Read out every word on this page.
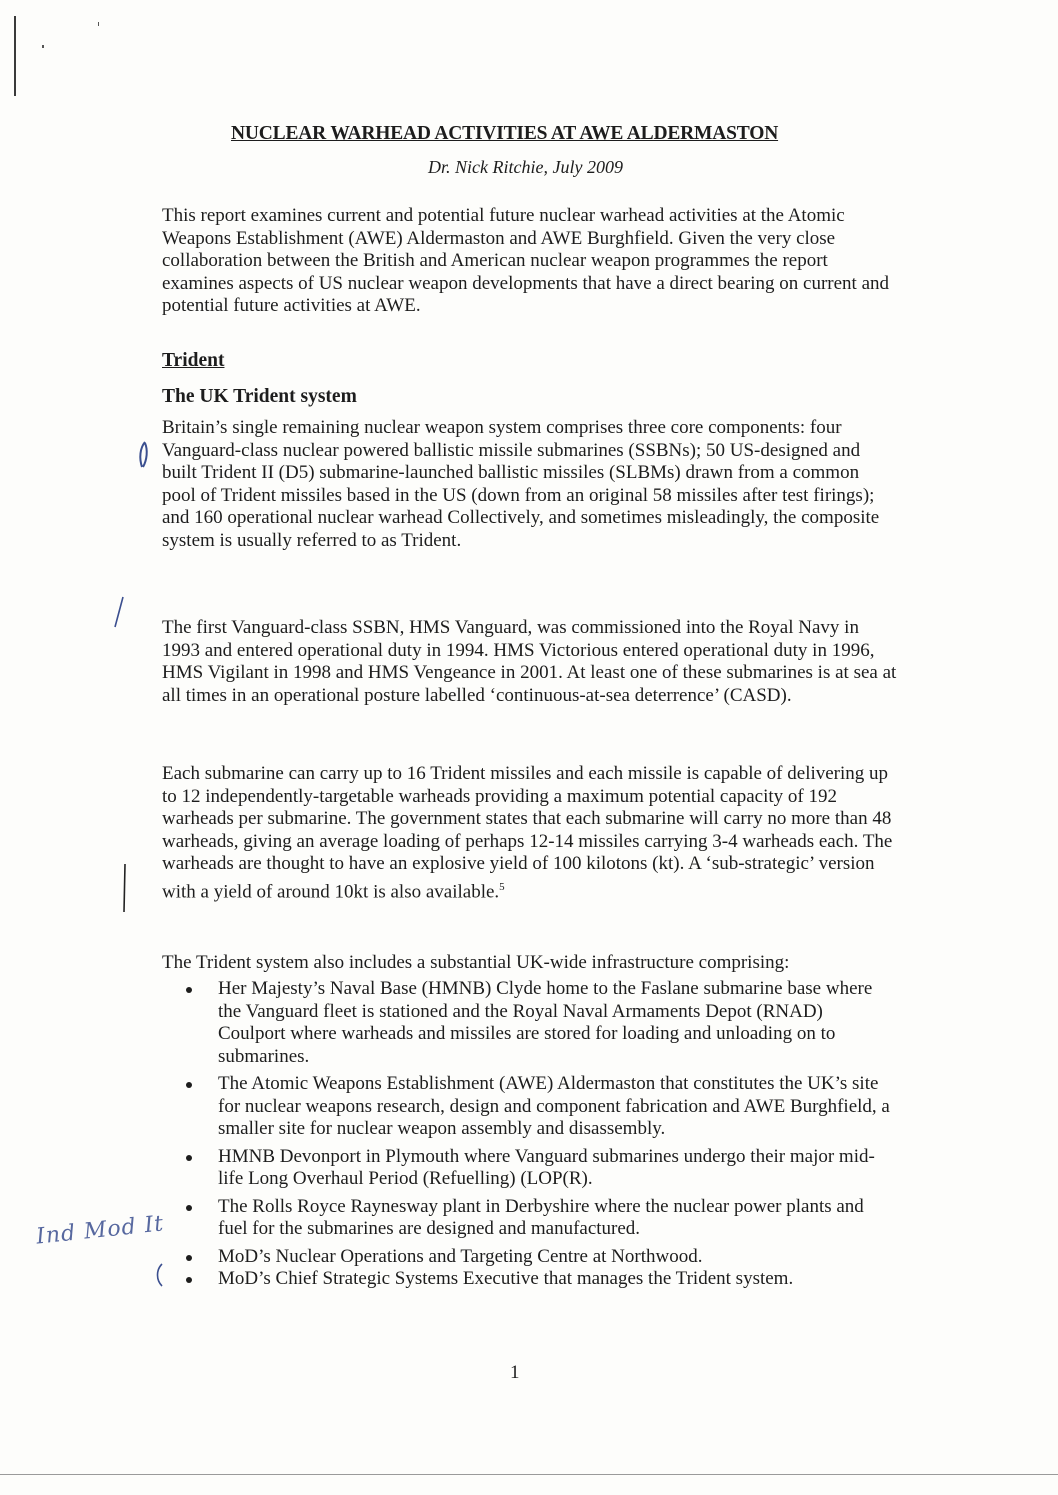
NUCLEAR WARHEAD ACTIVITIES AT AWE ALDERMASTON
Dr. Nick Ritchie, July 2009
This report examines current and potential future nuclear warhead activities at the Atomic Weapons Establishment (AWE) Aldermaston and AWE Burghfield. Given the very close collaboration between the British and American nuclear weapon programmes the report examines aspects of US nuclear weapon developments that have a direct bearing on current and potential future activities at AWE.
Trident
The UK Trident system
Britain’s single remaining nuclear weapon system comprises three core components: four Vanguard-class nuclear powered ballistic missile submarines (SSBNs); 50 US-designed and built Trident II (D5) submarine-launched ballistic missiles (SLBMs) drawn from a common pool of Trident missiles based in the US (down from an original 58 missiles after test firings); and 160 operational nuclear warhead Collectively, and sometimes misleadingly, the composite system is usually referred to as Trident.
The first Vanguard-class SSBN, HMS Vanguard, was commissioned into the Royal Navy in 1993 and entered operational duty in 1994. HMS Victorious entered operational duty in 1996, HMS Vigilant in 1998 and HMS Vengeance in 2001. At least one of these submarines is at sea at all times in an operational posture labelled ‘continuous-at-sea deterrence’ (CASD).
Each submarine can carry up to 16 Trident missiles and each missile is capable of delivering up to 12 independently-targetable warheads providing a maximum potential capacity of 192 warheads per submarine. The government states that each submarine will carry no more than 48 warheads, giving an average loading of perhaps 12-14 missiles carrying 3-4 warheads each. The warheads are thought to have an explosive yield of 100 kilotons (kt). A ‘sub-strategic’ version with a yield of around 10kt is also available.$^5$
The Trident system also includes a substantial UK-wide infrastructure comprising:
Her Majesty’s Naval Base (HMNB) Clyde home to the Faslane submarine base where the Vanguard fleet is stationed and the Royal Naval Armaments Depot (RNAD) Coulport where warheads and missiles are stored for loading and unloading on to submarines.
The Atomic Weapons Establishment (AWE) Aldermaston that constitutes the UK’s site for nuclear weapons research, design and component fabrication and AWE Burghfield, a smaller site for nuclear weapon assembly and disassembly.
HMNB Devonport in Plymouth where Vanguard submarines undergo their major mid-life Long Overhaul Period (Refuelling) (LOP(R).
The Rolls Royce Raynesway plant in Derbyshire where the nuclear power plants and fuel for the submarines are designed and manufactured.
MoD’s Nuclear Operations and Targeting Centre at Northwood.
MoD’s Chief Strategic Systems Executive that manages the Trident system.
1
Ind Mod It
